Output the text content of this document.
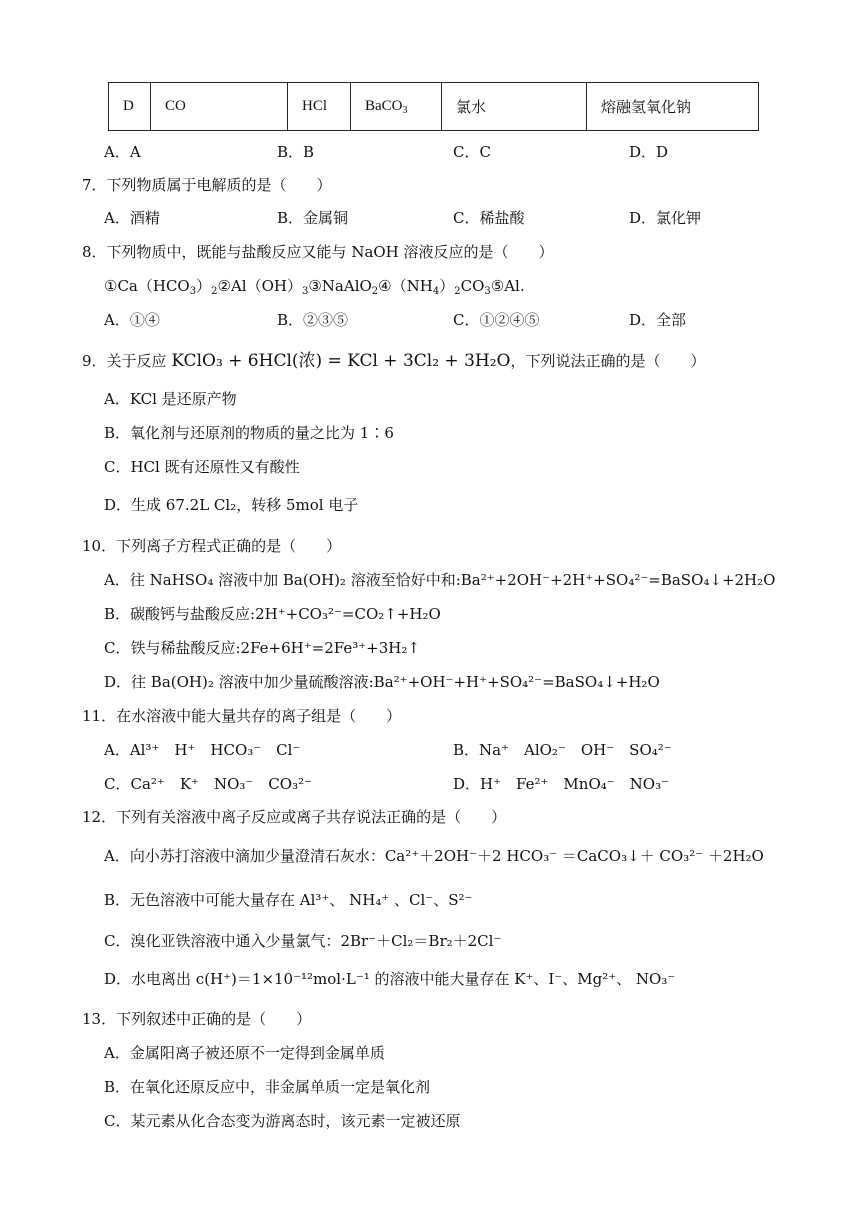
D	CO	HCl	BaCO$_3$	氯水	熔融氢氧化钠
A．A	B．B	C．C	D．D
7．下列物质属于电解质的是（　　）
A．酒精	B．金属铜	C．稀盐酸	D．氯化钾
8．下列物质中，既能与盐酸反应又能与 NaOH 溶液反应的是（　　）
$①Ca(HCO_3)_2②Al(OH)_3③NaAlO_2④(NH_4)_2CO_3⑤Al$.
A．①④	B．②③⑤	C．①②④⑤	D．全部
9．关于反应 KClO₃ + 6HCl(浓) = KCl + 3Cl₂ + 3H₂O，下列说法正确的是（　　）
A．KCl 是还原产物
B．氧化剂与还原剂的物质的量之比为 1∶6
C．HCl 既有还原性又有酸性
D．生成 67.2L Cl₂，转移 5mol 电子
10．下列离子方程式正确的是（　　）
A．往 NaHSO₄ 溶液中加 Ba(OH)₂ 溶液至恰好中和:Ba²⁺+2OH⁻+2H⁺+SO₄²⁻=BaSO₄↓+2H₂O
B．碳酸钙与盐酸反应:2H⁺+CO₃²⁻=CO₂↑+H₂O
C．铁与稀盐酸反应:2Fe+6H⁺=2Fe³⁺+3H₂↑
D．往 Ba(OH)₂ 溶液中加少量硫酸溶液:Ba²⁺+OH⁻+H⁺+SO₄²⁻=BaSO₄↓+H₂O
11．在水溶液中能大量共存的离子组是（　　）
A．Al³⁺　H⁺　HCO₃⁻　Cl⁻	B．Na⁺　AlO₂⁻　OH⁻　SO₄²⁻
C．Ca²⁺　K⁺　NO₃⁻　CO₃²⁻	D．H⁺　Fe²⁺　MnO₄⁻　NO₃⁻
12．下列有关溶液中离子反应或离子共存说法正确的是（　　）
A．向小苏打溶液中滴加少量澄清石灰水：Ca²⁺＋2OH⁻＋2 HCO₃⁻ ＝CaCO₃↓＋ CO₃²⁻ ＋2H₂O
B．无色溶液中可能大量存在 Al³⁺、 NH₄⁺ 、Cl⁻、S²⁻
C．溴化亚铁溶液中通入少量氯气：2Br⁻＋Cl₂＝Br₂＋2Cl⁻
D．水电离出 c(H⁺)＝1×10⁻¹²mol·L⁻¹ 的溶液中能大量存在 K⁺、I⁻、Mg²⁺、 NO₃⁻
13．下列叙述中正确的是（　　）
A．金属阳离子被还原不一定得到金属单质
B．在氧化还原反应中，非金属单质一定是氧化剂
C．某元素从化合态变为游离态时，该元素一定被还原
